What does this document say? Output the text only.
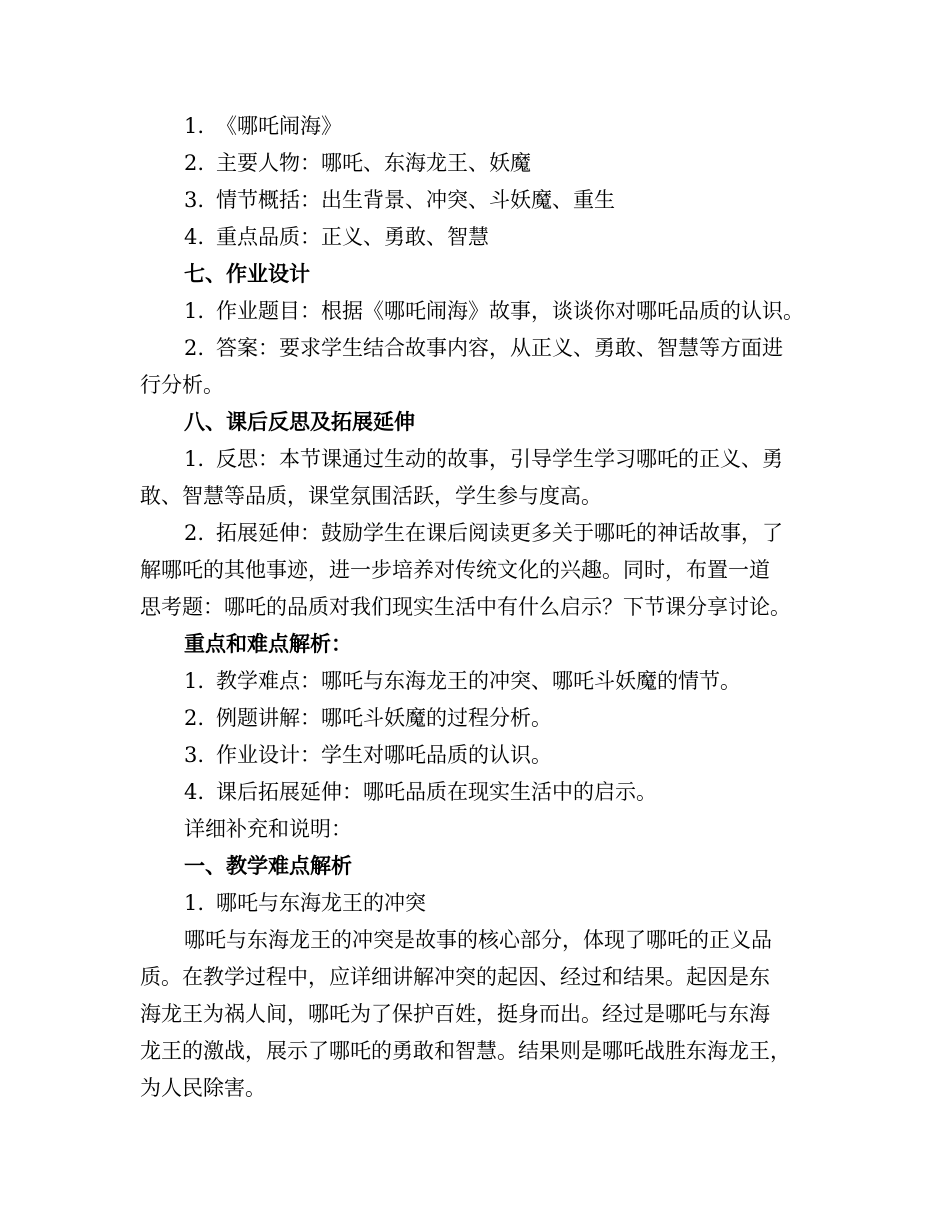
1. 《哪吒闹海》
2. 主要人物：哪吒、东海龙王、妖魔
3. 情节概括：出生背景、冲突、斗妖魔、重生
4. 重点品质：正义、勇敢、智慧
七、作业设计
1. 作业题目：根据《哪吒闹海》故事，谈谈你对哪吒品质的认识。
2. 答案：要求学生结合故事内容，从正义、勇敢、智慧等方面进
行分析。
八、课后反思及拓展延伸
1. 反思：本节课通过生动的故事，引导学生学习哪吒的正义、勇
敢、智慧等品质，课堂氛围活跃，学生参与度高。
2. 拓展延伸：鼓励学生在课后阅读更多关于哪吒的神话故事，了
解哪吒的其他事迹，进一步培养对传统文化的兴趣。同时，布置一道
思考题：哪吒的品质对我们现实生活中有什么启示？下节课分享讨论。
重点和难点解析：
1. 教学难点：哪吒与东海龙王的冲突、哪吒斗妖魔的情节。
2. 例题讲解：哪吒斗妖魔的过程分析。
3. 作业设计：学生对哪吒品质的认识。
4. 课后拓展延伸：哪吒品质在现实生活中的启示。
详细补充和说明：
一、教学难点解析
1. 哪吒与东海龙王的冲突
哪吒与东海龙王的冲突是故事的核心部分，体现了哪吒的正义品
质。在教学过程中，应详细讲解冲突的起因、经过和结果。起因是东
海龙王为祸人间，哪吒为了保护百姓，挺身而出。经过是哪吒与东海
龙王的激战，展示了哪吒的勇敢和智慧。结果则是哪吒战胜东海龙王，
为人民除害。
